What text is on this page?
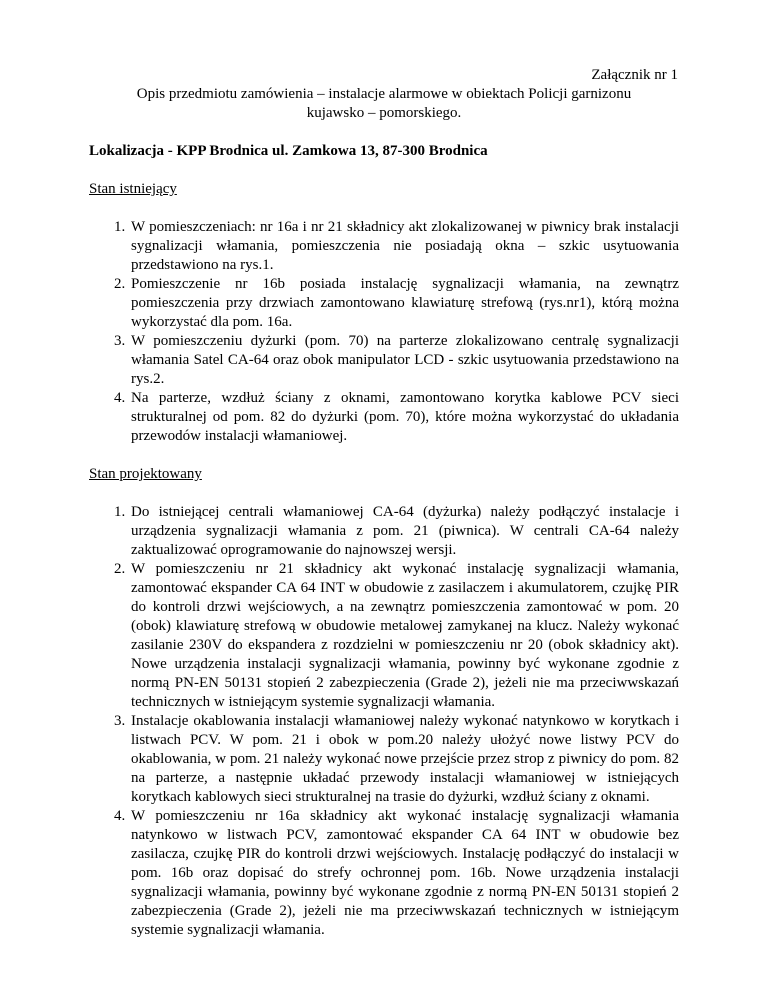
Załącznik nr 1

Opis przedmiotu zamówienia – instalacje alarmowe w obiektach Policji garnizonu

kujawsko – pomorskiego.

Lokalizacja - KPP Brodnica ul. Zamkowa 13, 87-300 Brodnica

Stan istniejący

1. W pomieszczeniach: nr 16a i nr 21 składnicy akt zlokalizowanej w piwnicy brak instalacji sygnalizacji włamania, pomieszczenia nie posiadają okna – szkic usytuowania przedstawiono na rys.1.
2. Pomieszczenie nr 16b posiada instalację sygnalizacji włamania, na zewnątrz pomieszczenia przy drzwiach zamontowano klawiaturę strefową (rys.nr1), którą można wykorzystać dla pom. 16a.
3. W pomieszczeniu dyżurki (pom. 70) na parterze zlokalizowano centralę sygnalizacji włamania Satel CA-64 oraz obok manipulator LCD - szkic usytuowania przedstawiono na rys.2.
4. Na parterze, wzdłuż ściany z oknami, zamontowano korytka kablowe PCV sieci strukturalnej od pom. 82 do dyżurki (pom. 70), które można wykorzystać do układania przewodów instalacji włamaniowej.

Stan projektowany

1. Do istniejącej centrali włamaniowej CA-64 (dyżurka) należy podłączyć instalacje i urządzenia sygnalizacji włamania z pom. 21 (piwnica). W centrali CA-64 należy zaktualizować oprogramowanie do najnowszej wersji.
2. W pomieszczeniu nr 21 składnicy akt wykonać instalację sygnalizacji włamania, zamontować ekspander CA 64 INT w obudowie z zasilaczem i akumulatorem, czujkę PIR do kontroli drzwi wejściowych, a na zewnątrz pomieszczenia zamontować w pom. 20 (obok) klawiaturę strefową w obudowie metalowej zamykanej na klucz. Należy wykonać zasilanie 230V do ekspandera z rozdzielni w pomieszczeniu nr 20 (obok składnicy akt). Nowe urządzenia instalacji sygnalizacji włamania, powinny być wykonane zgodnie z normą PN-EN 50131 stopień 2 zabezpieczenia (Grade 2), jeżeli nie ma przeciwwskazań technicznych w istniejącym systemie sygnalizacji włamania.
3. Instalacje okablowania instalacji włamaniowej należy wykonać natynkowo w korytkach i listwach PCV. W pom. 21 i obok w pom.20 należy ułożyć nowe listwy PCV do okablowania, w pom. 21 należy wykonać nowe przejście przez strop z piwnicy do pom. 82 na parterze, a następnie układać przewody instalacji włamaniowej w istniejących korytkach kablowych sieci strukturalnej na trasie do dyżurki, wzdłuż ściany z oknami.
4. W pomieszczeniu nr 16a składnicy akt wykonać instalację sygnalizacji włamania natynkowo w listwach PCV, zamontować ekspander CA 64 INT w obudowie bez zasilacza, czujkę PIR do kontroli drzwi wejściowych. Instalację podłączyć do instalacji w pom. 16b oraz dopisać do strefy ochronnej pom. 16b. Nowe urządzenia instalacji sygnalizacji włamania, powinny być wykonane zgodnie z normą PN-EN 50131 stopień 2 zabezpieczenia (Grade 2), jeżeli nie ma przeciwwskazań technicznych w istniejącym systemie sygnalizacji włamania.
